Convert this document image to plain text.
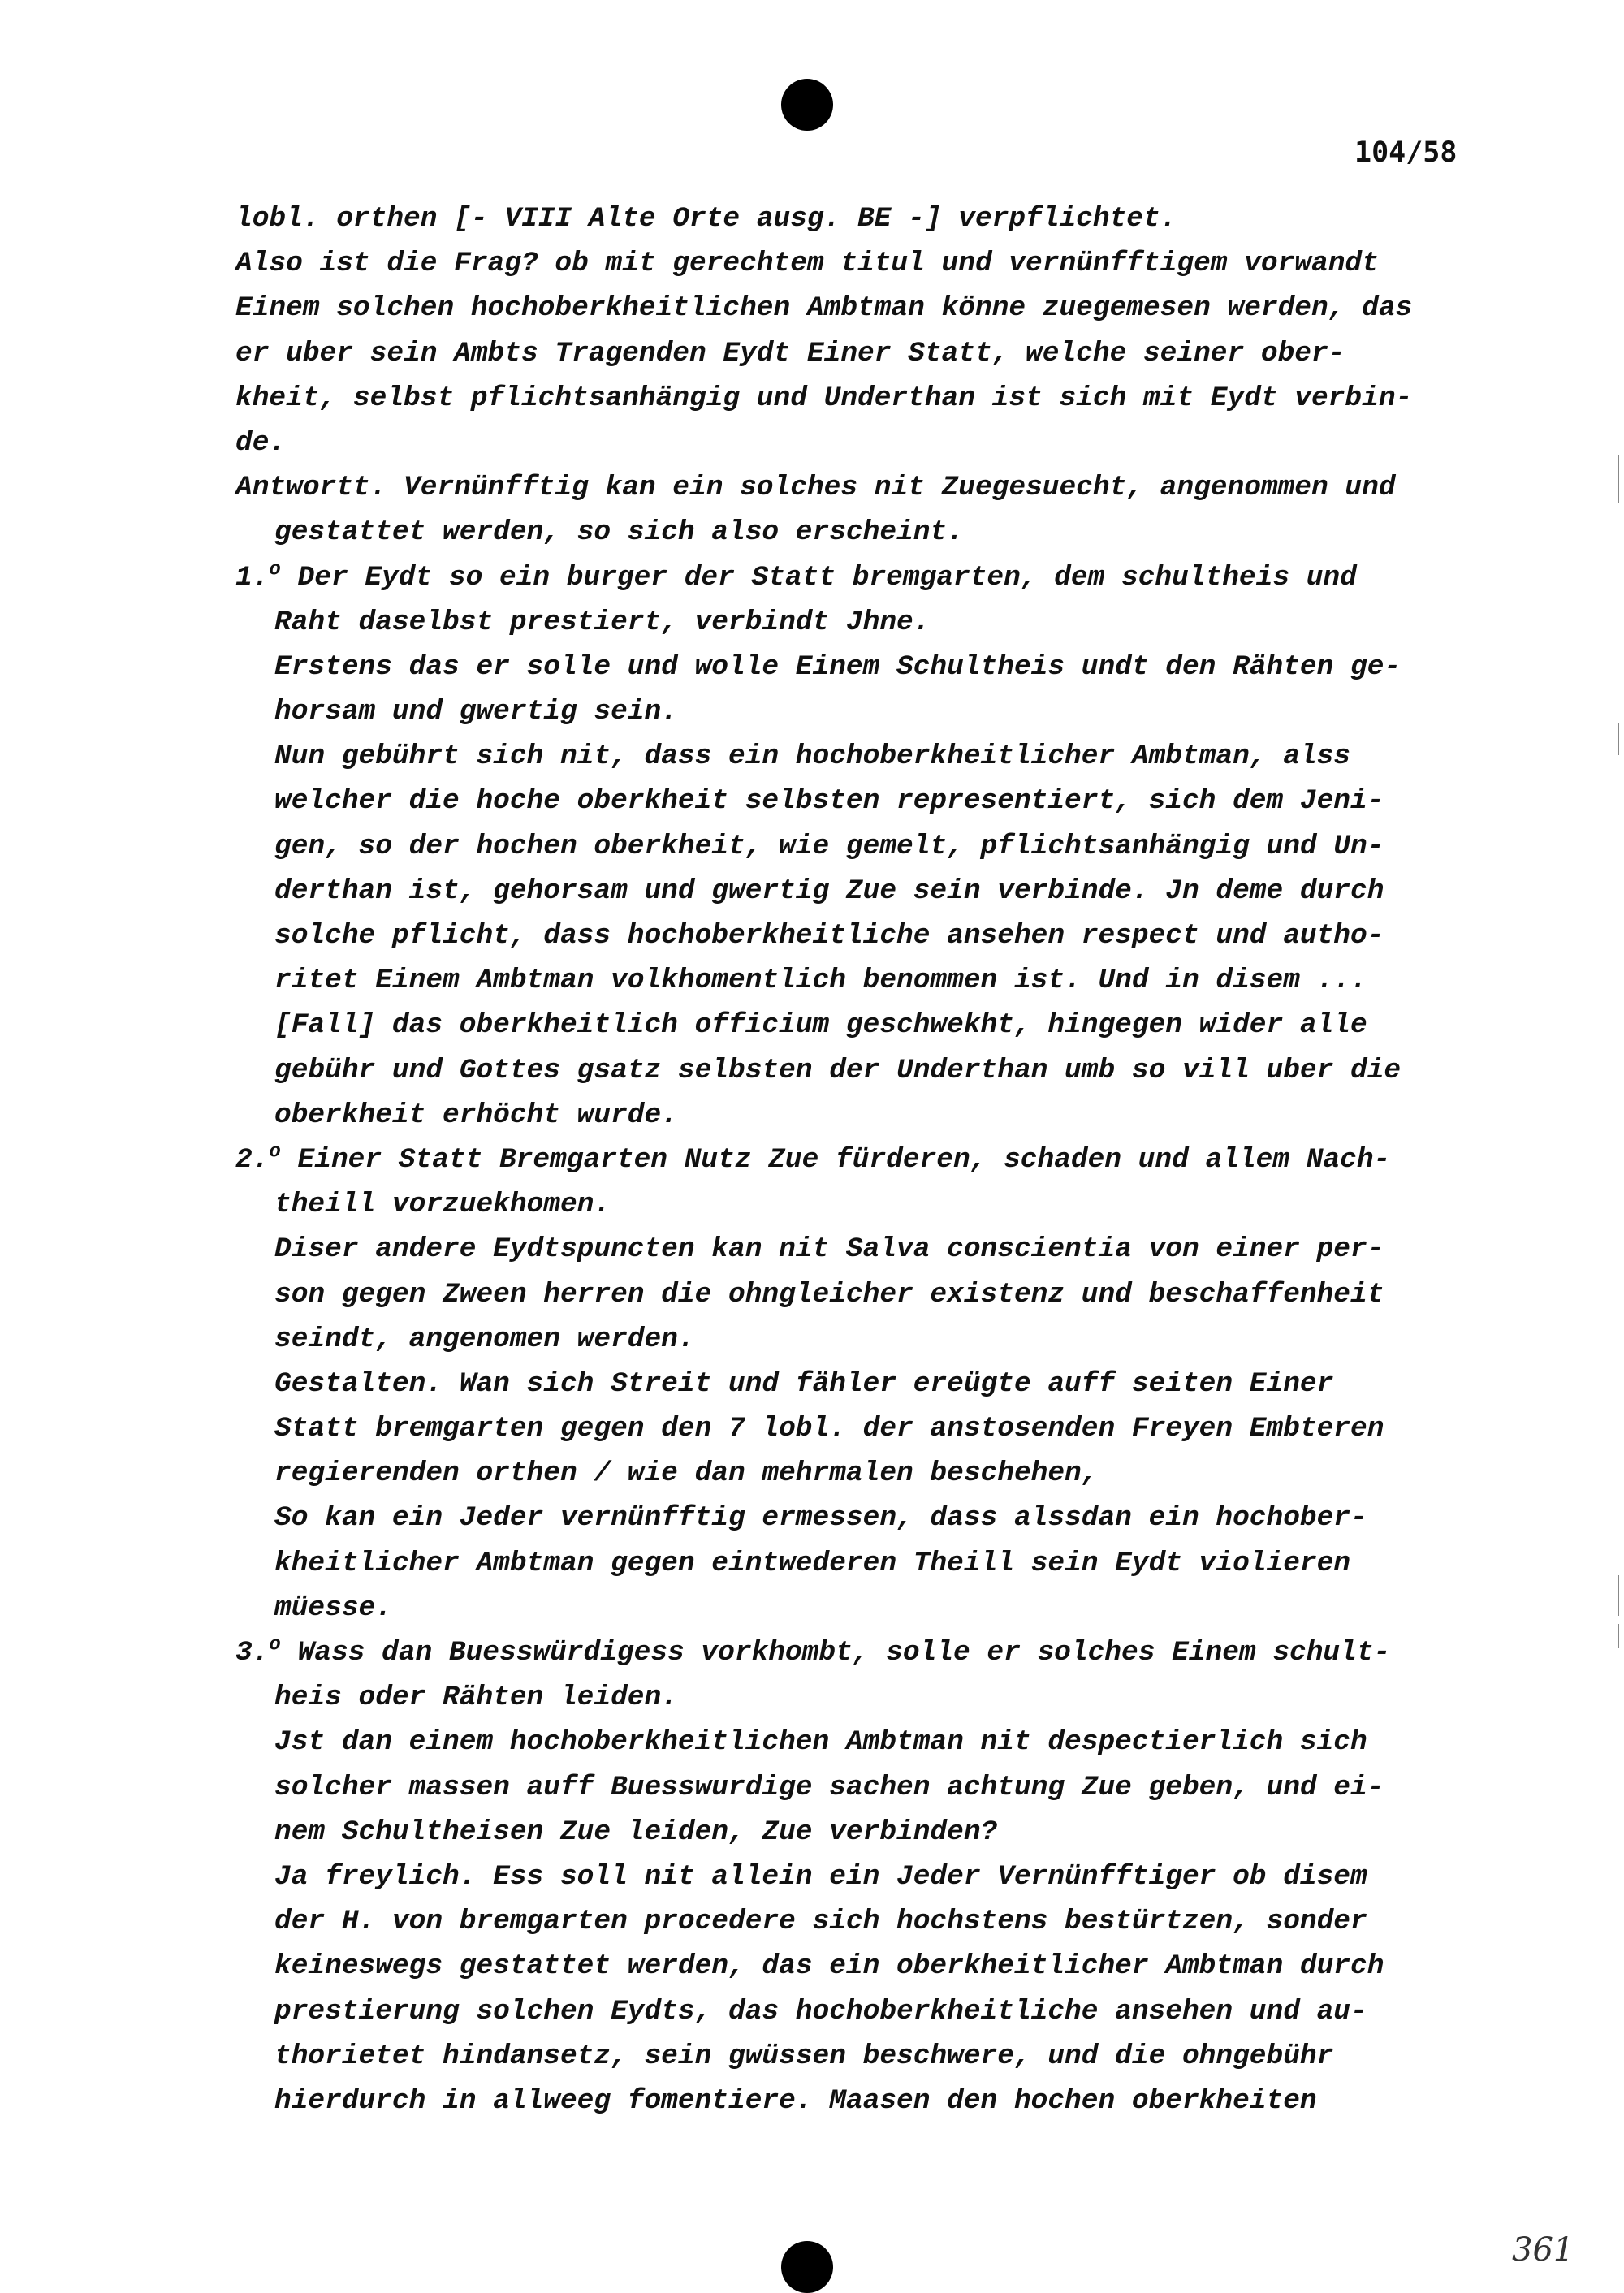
104/58
lobl. orthen [- VIII Alte Orte ausg. BE -] verpflichtet.
Also ist die Frag? ob mit gerechtem titul und vernünfftigem vorwandt
Einem solchen hochoberkheitlichen Ambtman könne zuegemesen werden, das
er uber sein Ambts Tragenden Eydt Einer Statt, welche seiner ober-
kheit, selbst pflichtsanhängig und Underthan ist sich mit Eydt verbin-
de.
Antwortt. Vernünfftig kan ein solches nit Zuegesuecht, angenommen und
gestattet werden, so sich also erscheint.
1.$^o$ Der Eydt so ein burger der Statt bremgarten, dem schultheis und
Raht daselbst prestiert, verbindt Jhne.
Erstens das er solle und wolle Einem Schultheis undt den Rähten ge-
horsam und gwertig sein.
Nun gebührt sich nit, dass ein hochoberkheitlicher Ambtman, alss
welcher die hoche oberkheit selbsten representiert, sich dem Jeni-
gen, so der hochen oberkheit, wie gemelt, pflichtsanhängig und Un-
derthan ist, gehorsam und gwertig Zue sein verbinde. Jn deme durch
solche pflicht, dass hochoberkheitliche ansehen respect und autho-
ritet Einem Ambtman volkhomentlich benommen ist. Und in disem ...
[Fall] das oberkheitlich officium geschwekht, hingegen wider alle
gebühr und Gottes gsatz selbsten der Underthan umb so vill uber die
oberkheit erhöcht wurde.
2.$^o$ Einer Statt Bremgarten Nutz Zue fürderen, schaden und allem Nach-
theill vorzuekhomen.
Diser andere Eydtspuncten kan nit Salva conscientia von einer per-
son gegen Zween herren die ohngleicher existenz und beschaffenheit
seindt, angenomen werden.
Gestalten. Wan sich Streit und fähler ereügte auff seiten Einer
Statt bremgarten gegen den 7 lobl. der anstosenden Freyen Embteren
regierenden orthen / wie dan mehrmalen beschehen,
So kan ein Jeder vernünfftig ermessen, dass alssdan ein hochober-
kheitlicher Ambtman gegen eintwederen Theill sein Eydt violieren
müesse.
3.$^o$ Wass dan Buesswürdigess vorkhombt, solle er solches Einem schult-
heis oder Rähten leiden.
Jst dan einem hochoberkheitlichen Ambtman nit despectierlich sich
solcher massen auff Buesswurdige sachen achtung Zue geben, und ei-
nem Schultheisen Zue leiden, Zue verbinden?
Ja freylich. Ess soll nit allein ein Jeder Vernünfftiger ob disem
der H. von bremgarten procedere sich hochstens bestürtzen, sonder
keineswegs gestattet werden, das ein oberkheitlicher Ambtman durch
prestierung solchen Eydts, das hochoberkheitliche ansehen und au-
thorietet hindansetz, sein gwüssen beschwere, und die ohngebühr
hierdurch in allweeg fomentiere. Maasen den hochen oberkheiten
361
